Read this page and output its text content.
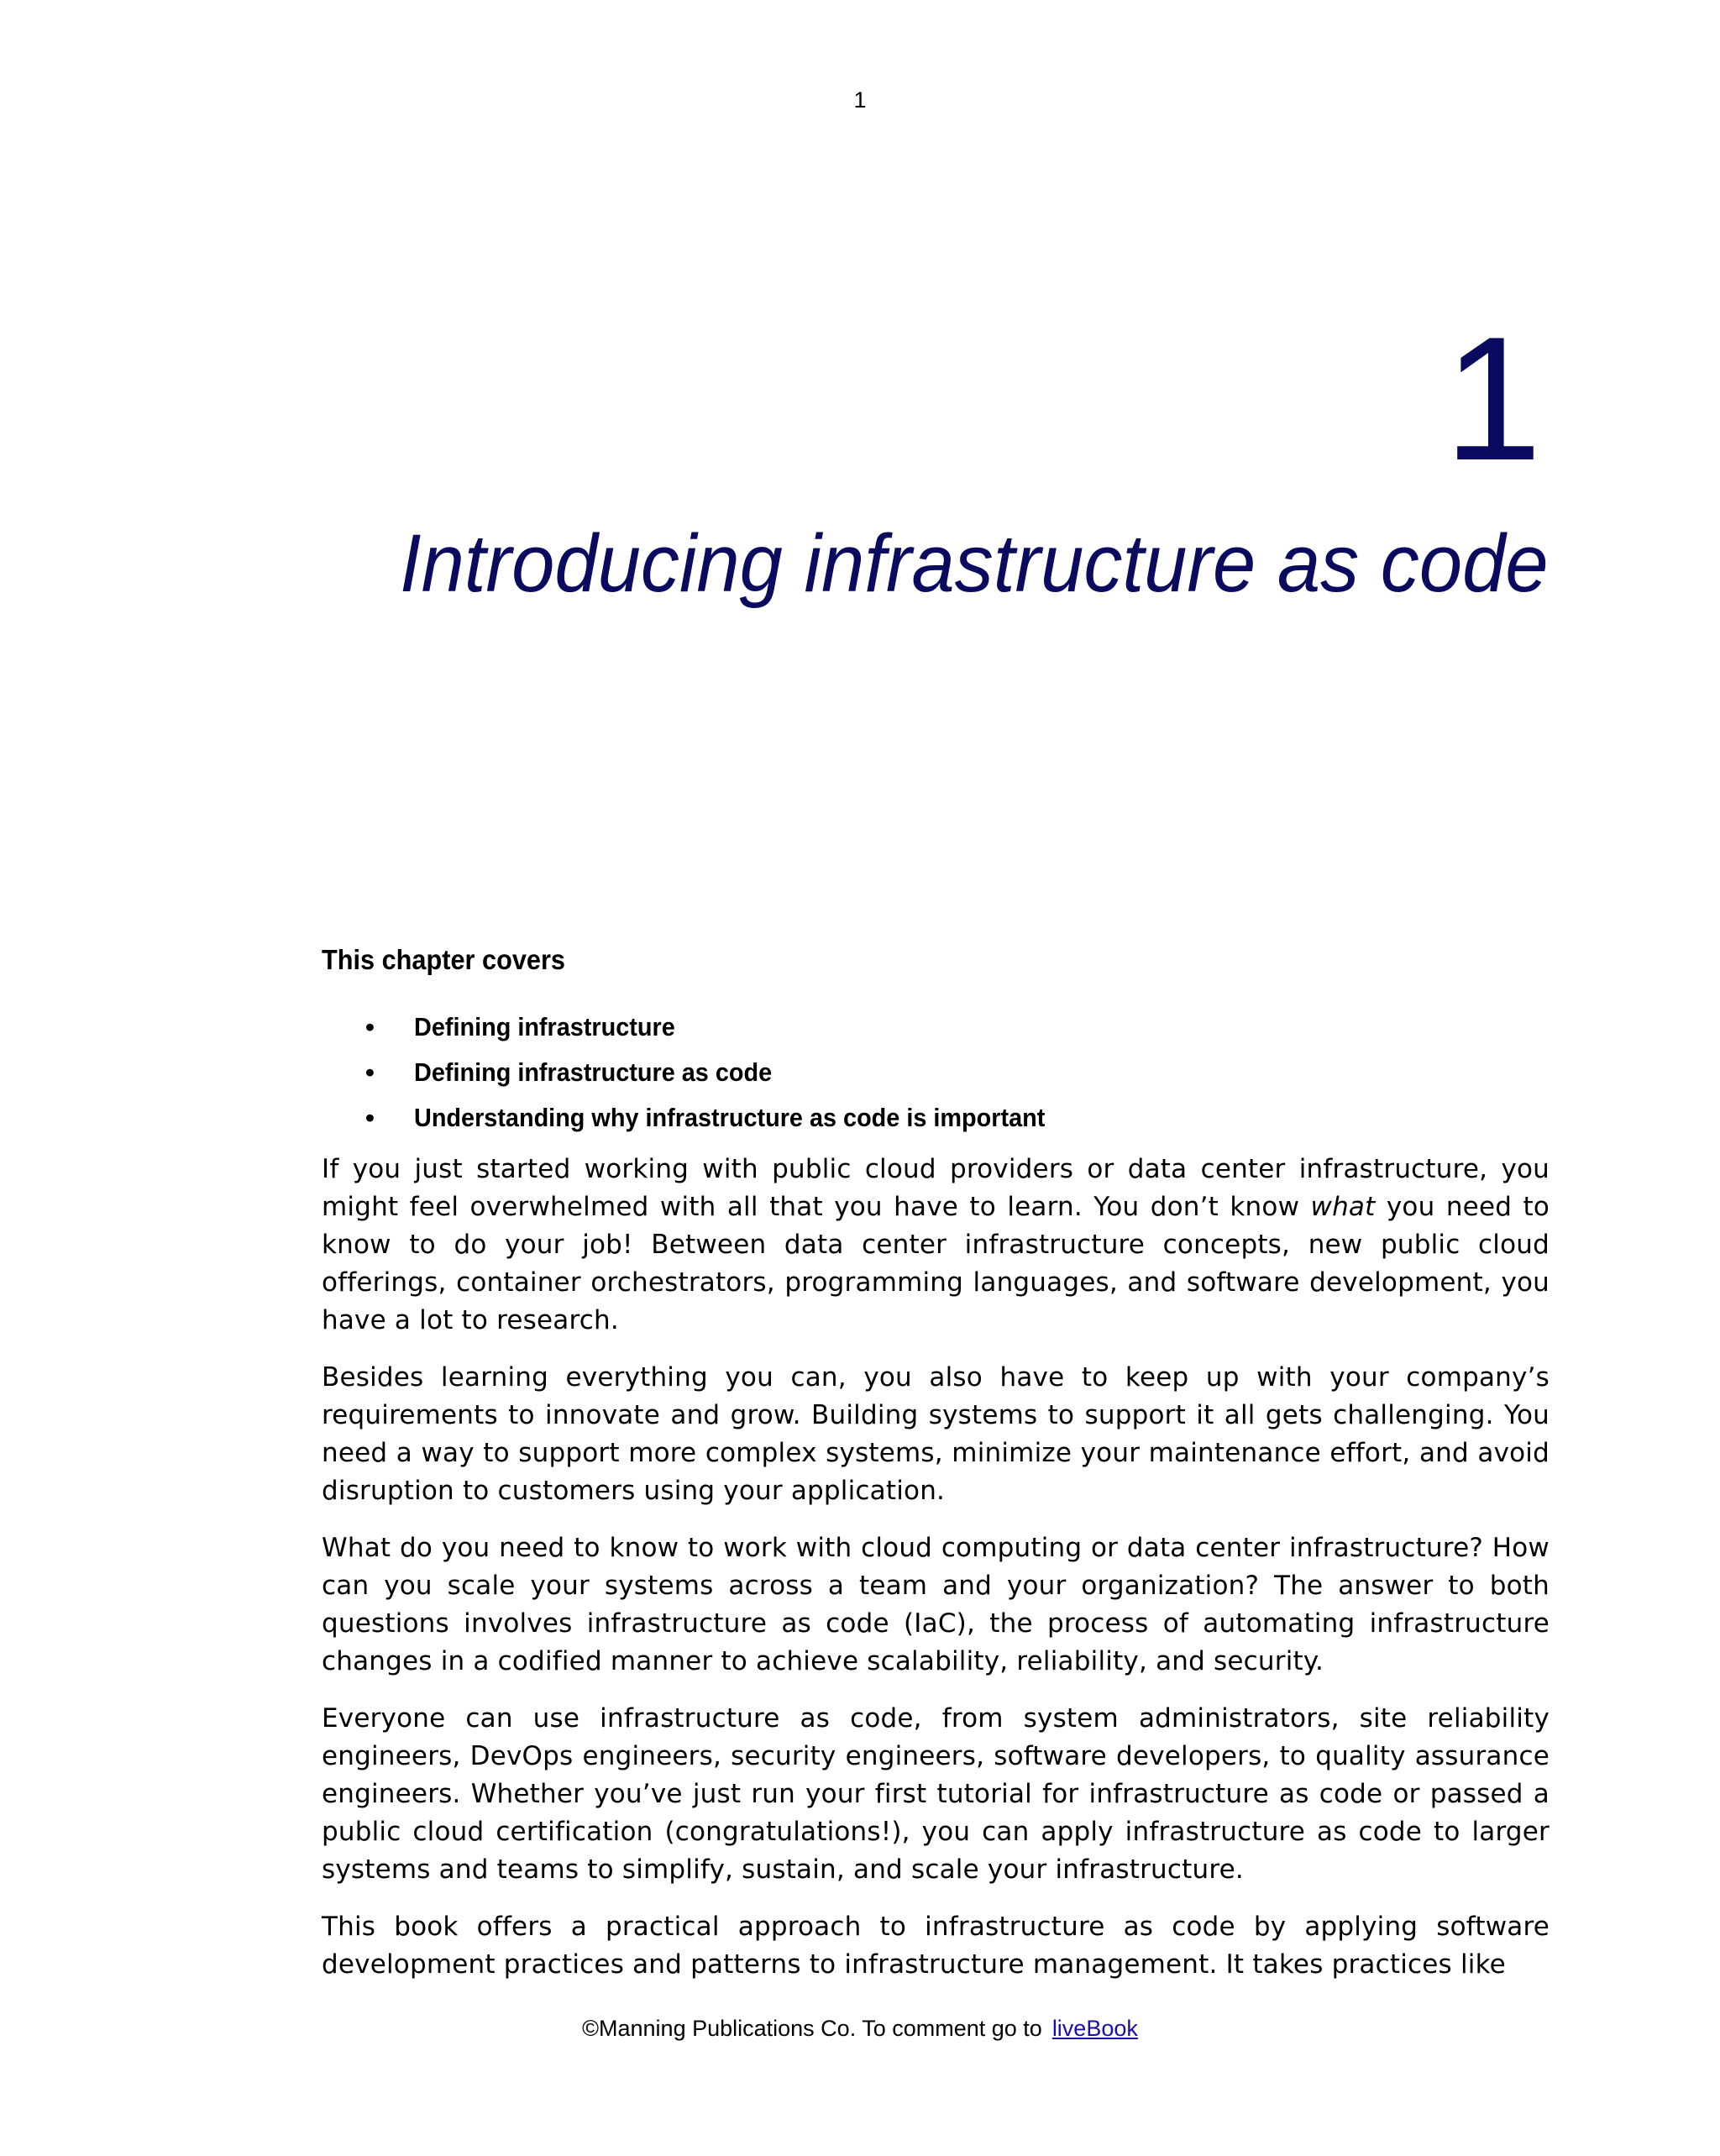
1
1
Introducing infrastructure as code
This chapter covers
• Defining infrastructure
• Defining infrastructure as code
• Understanding why infrastructure as code is important

If you just started working with public cloud providers or data center infrastructure, you might feel overwhelmed with all that you have to learn. You don’t know what you need to know to do your job! Between data center infrastructure concepts, new public cloud offerings, container orchestrators, programming languages, and software development, you have a lot to research.

Besides learning everything you can, you also have to keep up with your company’s requirements to innovate and grow. Building systems to support it all gets challenging. You need a way to support more complex systems, minimize your maintenance effort, and avoid disruption to customers using your application.

What do you need to know to work with cloud computing or data center infrastructure? How can you scale your systems across a team and your organization? The answer to both questions involves infrastructure as code (IaC), the process of automating infrastructure changes in a codified manner to achieve scalability, reliability, and security.

Everyone can use infrastructure as code, from system administrators, site reliability engineers, DevOps engineers, security engineers, software developers, to quality assurance engineers. Whether you’ve just run your first tutorial for infrastructure as code or passed a public cloud certification (congratulations!), you can apply infrastructure as code to larger systems and teams to simplify, sustain, and scale your infrastructure.

This book offers a practical approach to infrastructure as code by applying software development practices and patterns to infrastructure management. It takes practices like

©Manning Publications Co. To comment go to liveBook
